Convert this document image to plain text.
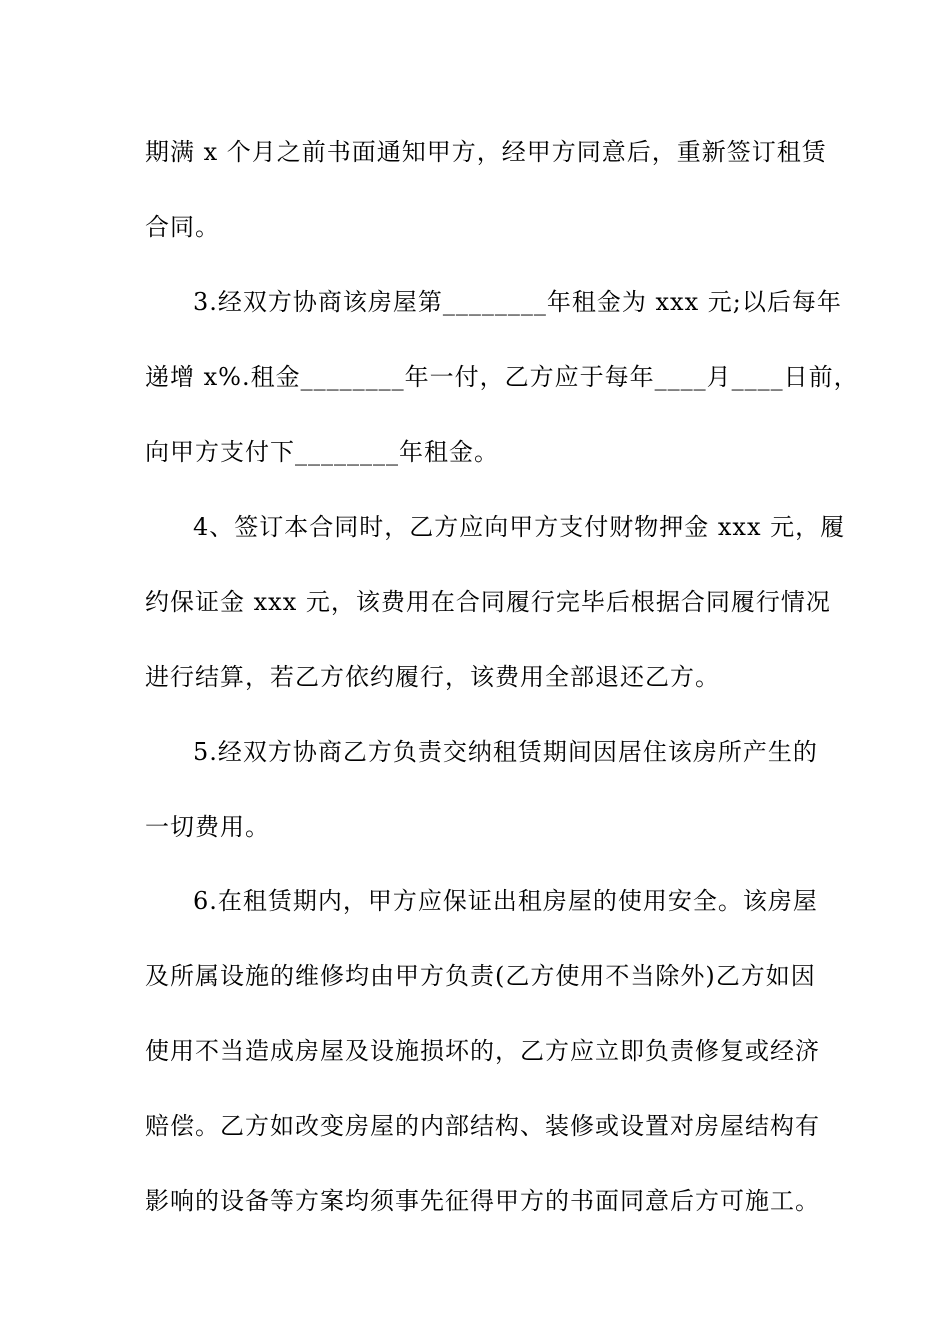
期满 x 个月之前书面通知甲方，经甲方同意后，重新签订租赁
合同。
3.经双方协商该房屋第________年租金为 xxx 元;以后每年
递增 x%.租金________年一付，乙方应于每年____月____日前，
向甲方支付下________年租金。
4、签订本合同时，乙方应向甲方支付财物押金 xxx 元，履
约保证金 xxx 元，该费用在合同履行完毕后根据合同履行情况
进行结算，若乙方依约履行，该费用全部退还乙方。
5.经双方协商乙方负责交纳租赁期间因居住该房所产生的
一切费用。
6.在租赁期内，甲方应保证出租房屋的使用安全。该房屋
及所属设施的维修均由甲方负责(乙方使用不当除外)乙方如因
使用不当造成房屋及设施损坏的，乙方应立即负责修复或经济
赔偿。乙方如改变房屋的内部结构、装修或设置对房屋结构有
影响的设备等方案均须事先征得甲方的书面同意后方可施工。
